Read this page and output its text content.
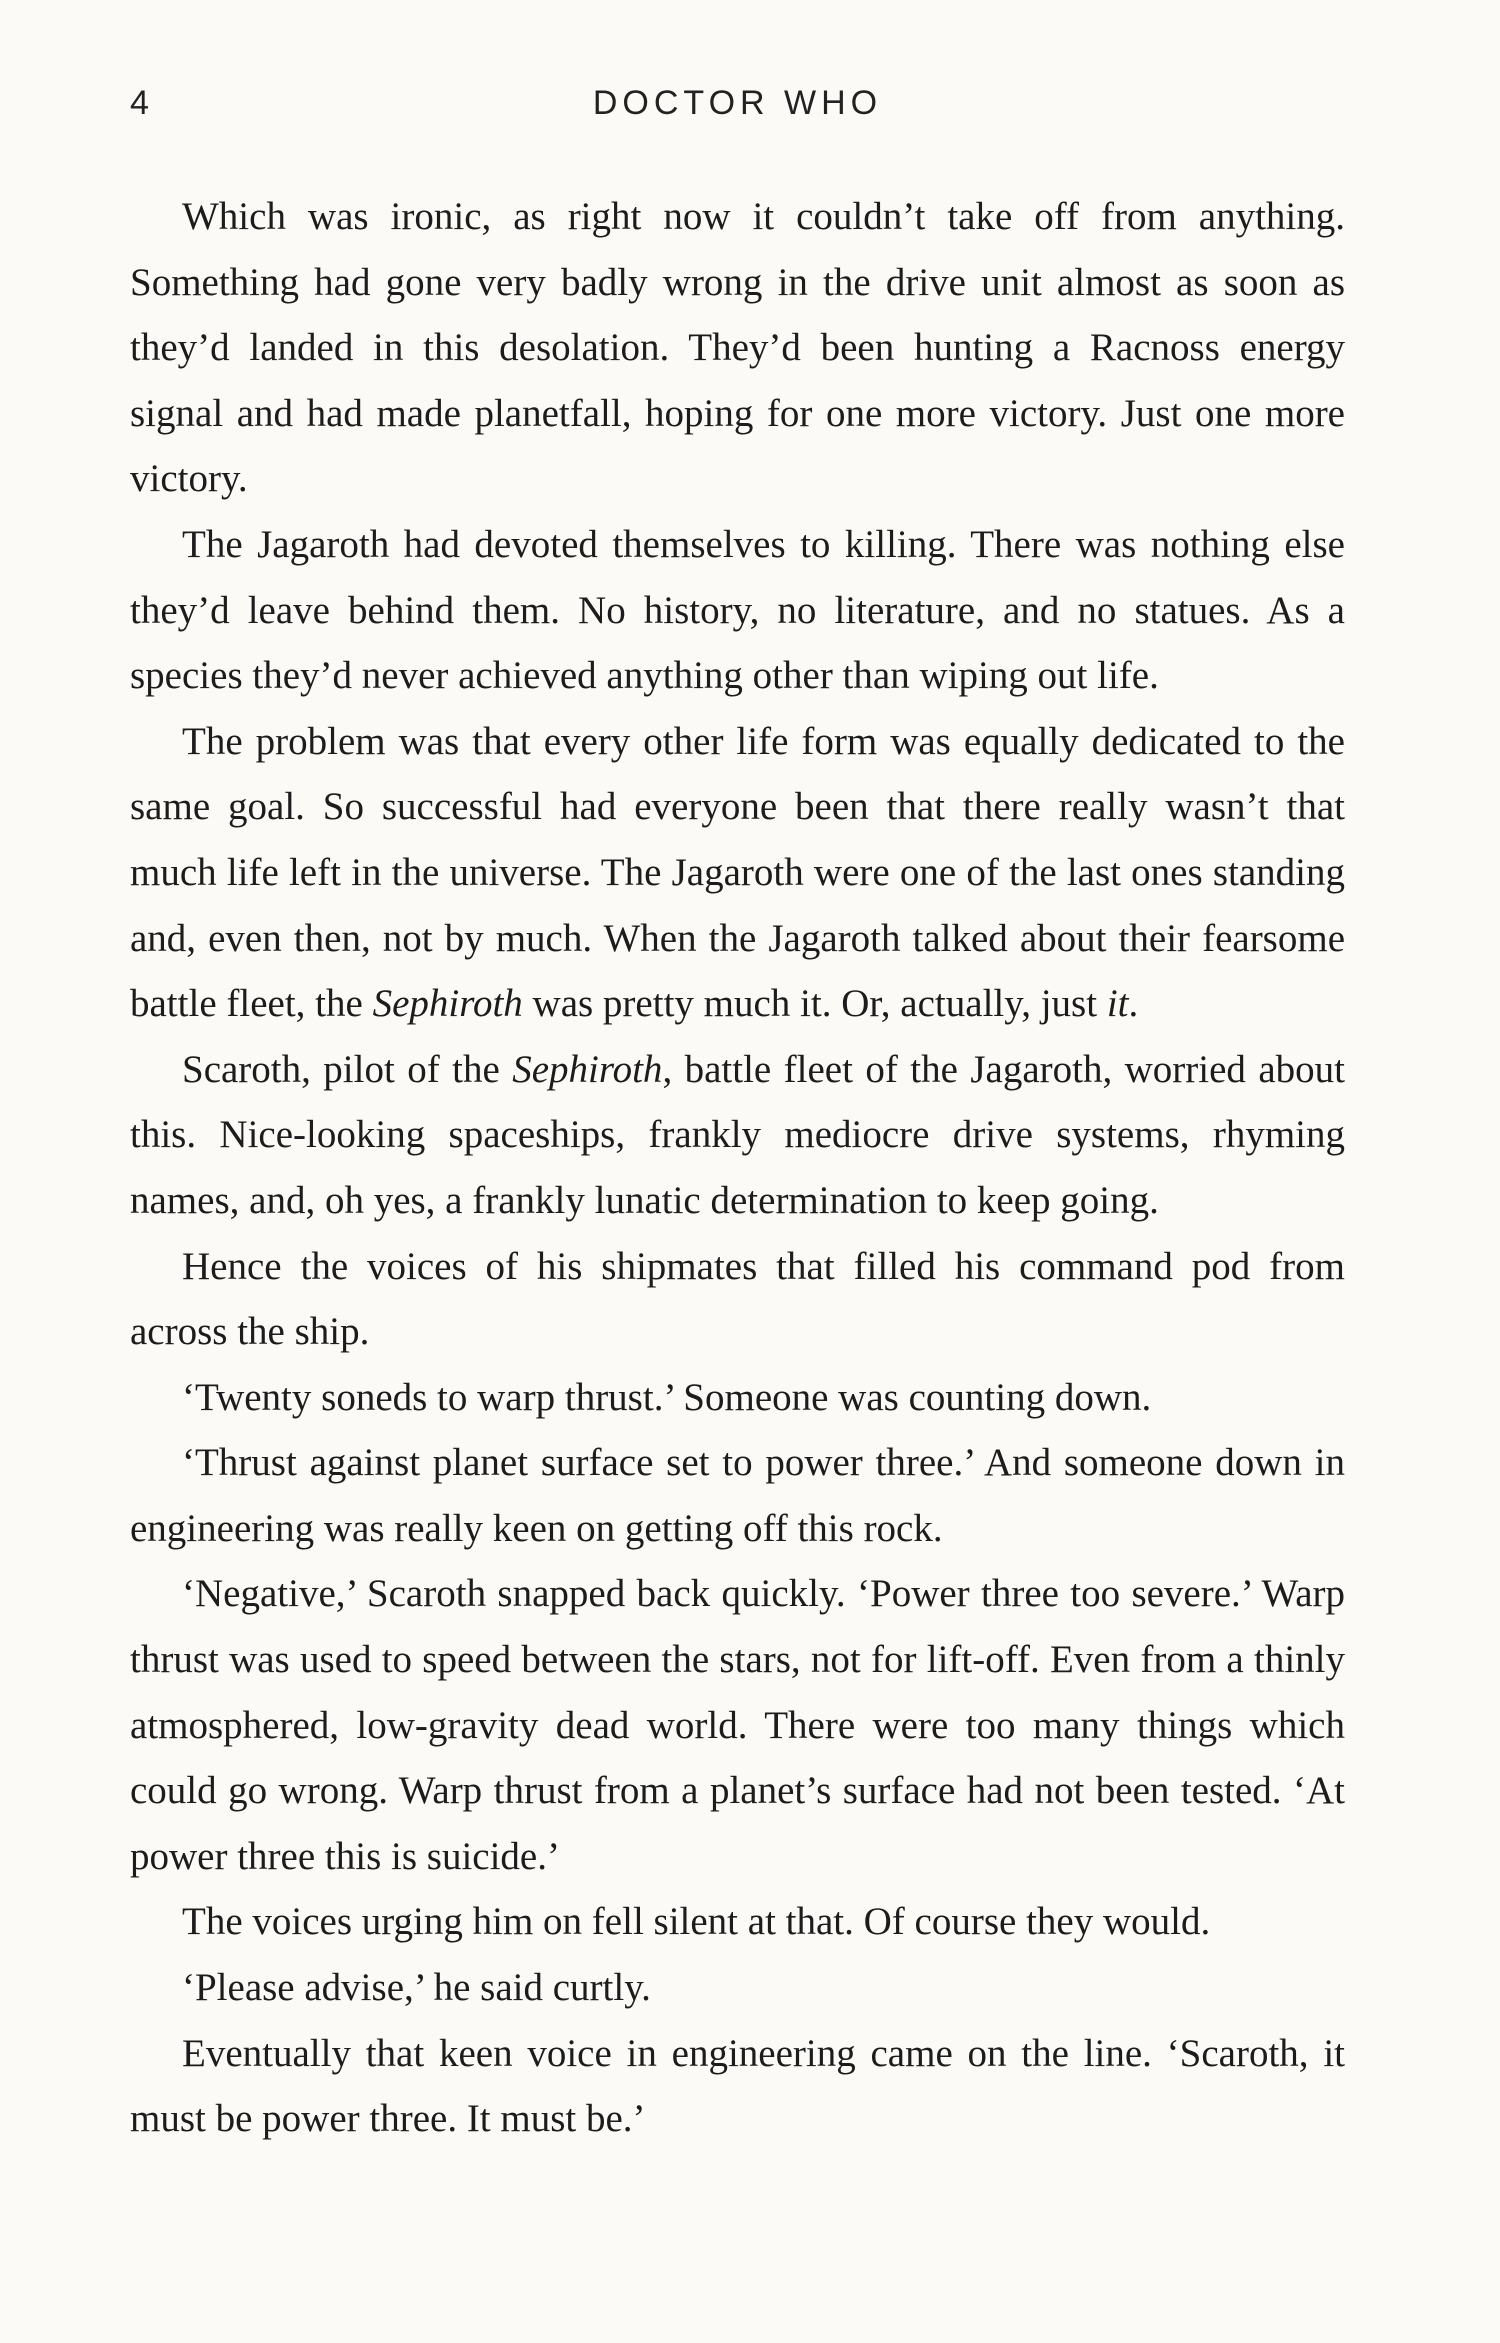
4	DOCTOR WHO

Which was ironic, as right now it couldn’t take off from anything. Something had gone very badly wrong in the drive unit almost as soon as they’d landed in this desolation. They’d been hunting a Racnoss energy signal and had made planetfall, hoping for one more victory. Just one more victory.

The Jagaroth had devoted themselves to killing. There was nothing else they’d leave behind them. No history, no literature, and no statues. As a species they’d never achieved anything other than wiping out life.

The problem was that every other life form was equally dedicated to the same goal. So successful had everyone been that there really wasn’t that much life left in the universe. The Jagaroth were one of the last ones standing and, even then, not by much. When the Jagaroth talked about their fearsome battle fleet, the Sephiroth was pretty much it. Or, actually, just it.

Scaroth, pilot of the Sephiroth, battle fleet of the Jagaroth, worried about this. Nice-looking spaceships, frankly mediocre drive systems, rhyming names, and, oh yes, a frankly lunatic determination to keep going.

Hence the voices of his shipmates that filled his command pod from across the ship.

‘Twenty soneds to warp thrust.’ Someone was counting down.

‘Thrust against planet surface set to power three.’ And someone down in engineering was really keen on getting off this rock.

‘Negative,’ Scaroth snapped back quickly. ‘Power three too severe.’ Warp thrust was used to speed between the stars, not for lift-off. Even from a thinly atmosphered, low-gravity dead world. There were too many things which could go wrong. Warp thrust from a planet’s surface had not been tested. ‘At power three this is suicide.’

The voices urging him on fell silent at that. Of course they would.

‘Please advise,’ he said curtly.

Eventually that keen voice in engineering came on the line. ‘Scaroth, it must be power three. It must be.’
